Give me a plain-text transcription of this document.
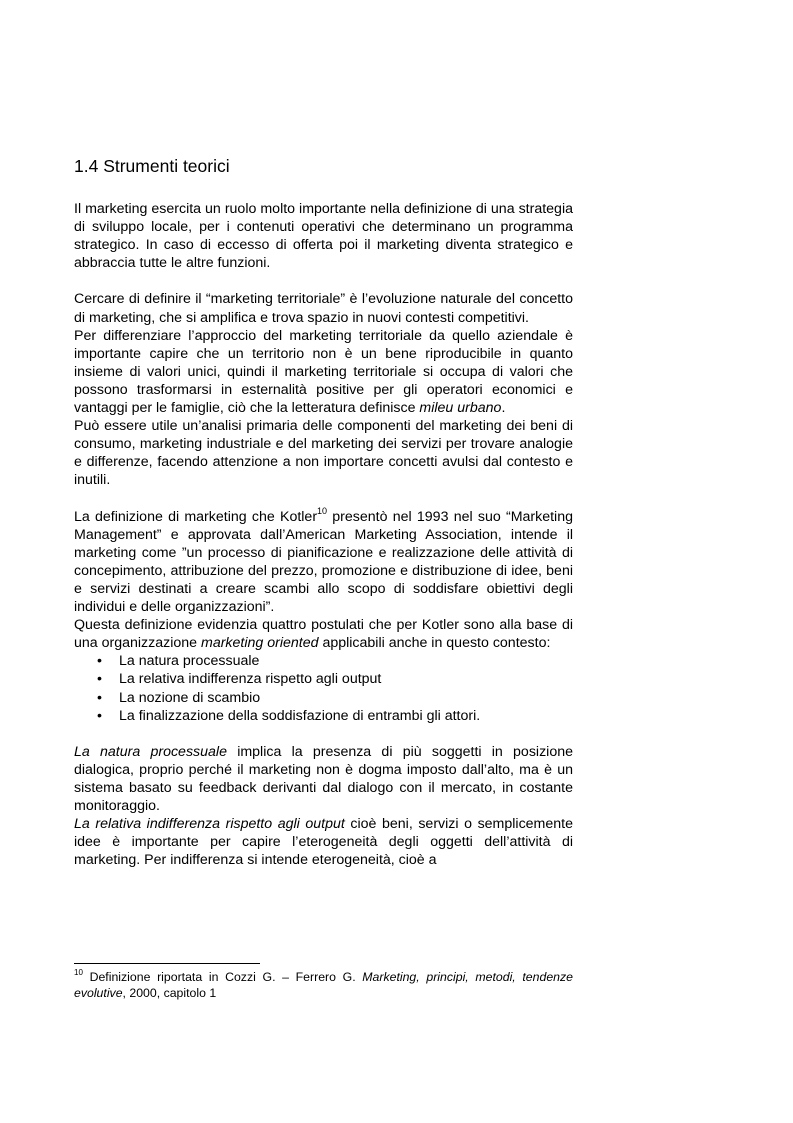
1.4 Strumenti teorici

Il marketing esercita un ruolo molto importante nella definizione di una strategia di sviluppo locale, per i contenuti operativi che determinano un programma strategico. In caso di eccesso di offerta poi il marketing diventa strategico e abbraccia tutte le altre funzioni.

Cercare di definire il “marketing territoriale” è l’evoluzione naturale del concetto di marketing, che si amplifica e trova spazio in nuovi contesti competitivi.

Per differenziare l’approccio del marketing territoriale da quello aziendale è importante capire che un territorio non è un bene riproducibile in quanto insieme di valori unici, quindi il marketing territoriale si occupa di valori che possono trasformarsi in esternalità positive per gli operatori economici e vantaggi per le famiglie, ciò che la letteratura definisce mileu urbano.

Può essere utile un’analisi primaria delle componenti del marketing dei beni di consumo, marketing industriale e del marketing dei servizi per trovare analogie e differenze, facendo attenzione a non importare concetti avulsi dal contesto e inutili.

La definizione di marketing che Kotler$^{10}$ presentò nel 1993 nel suo “Marketing Management” e approvata dall’American Marketing Association, intende il marketing come ”un processo di pianificazione e realizzazione delle attività di concepimento, attribuzione del prezzo, promozione e distribuzione di idee, beni e servizi destinati a creare scambi allo scopo di soddisfare obiettivi degli individui e delle organizzazioni”.

Questa definizione evidenzia quattro postulati che per Kotler sono alla base di una organizzazione marketing oriented applicabili anche in questo contesto:

• La natura processuale
• La relativa indifferenza rispetto agli output
• La nozione di scambio
• La finalizzazione della soddisfazione di entrambi gli attori.

La natura processuale implica la presenza di più soggetti in posizione dialogica, proprio perché il marketing non è dogma imposto dall’alto, ma è un sistema basato su feedback derivanti dal dialogo con il mercato, in costante monitoraggio.

La relativa indifferenza rispetto agli output cioè beni, servizi o semplicemente idee è importante per capire l’eterogeneità degli oggetti dell’attività di marketing. Per indifferenza si intende eterogeneità, cioè a

$^{10}$ Definizione riportata in Cozzi G. – Ferrero G. Marketing, principi, metodi, tendenze evolutive, 2000, capitolo 1
